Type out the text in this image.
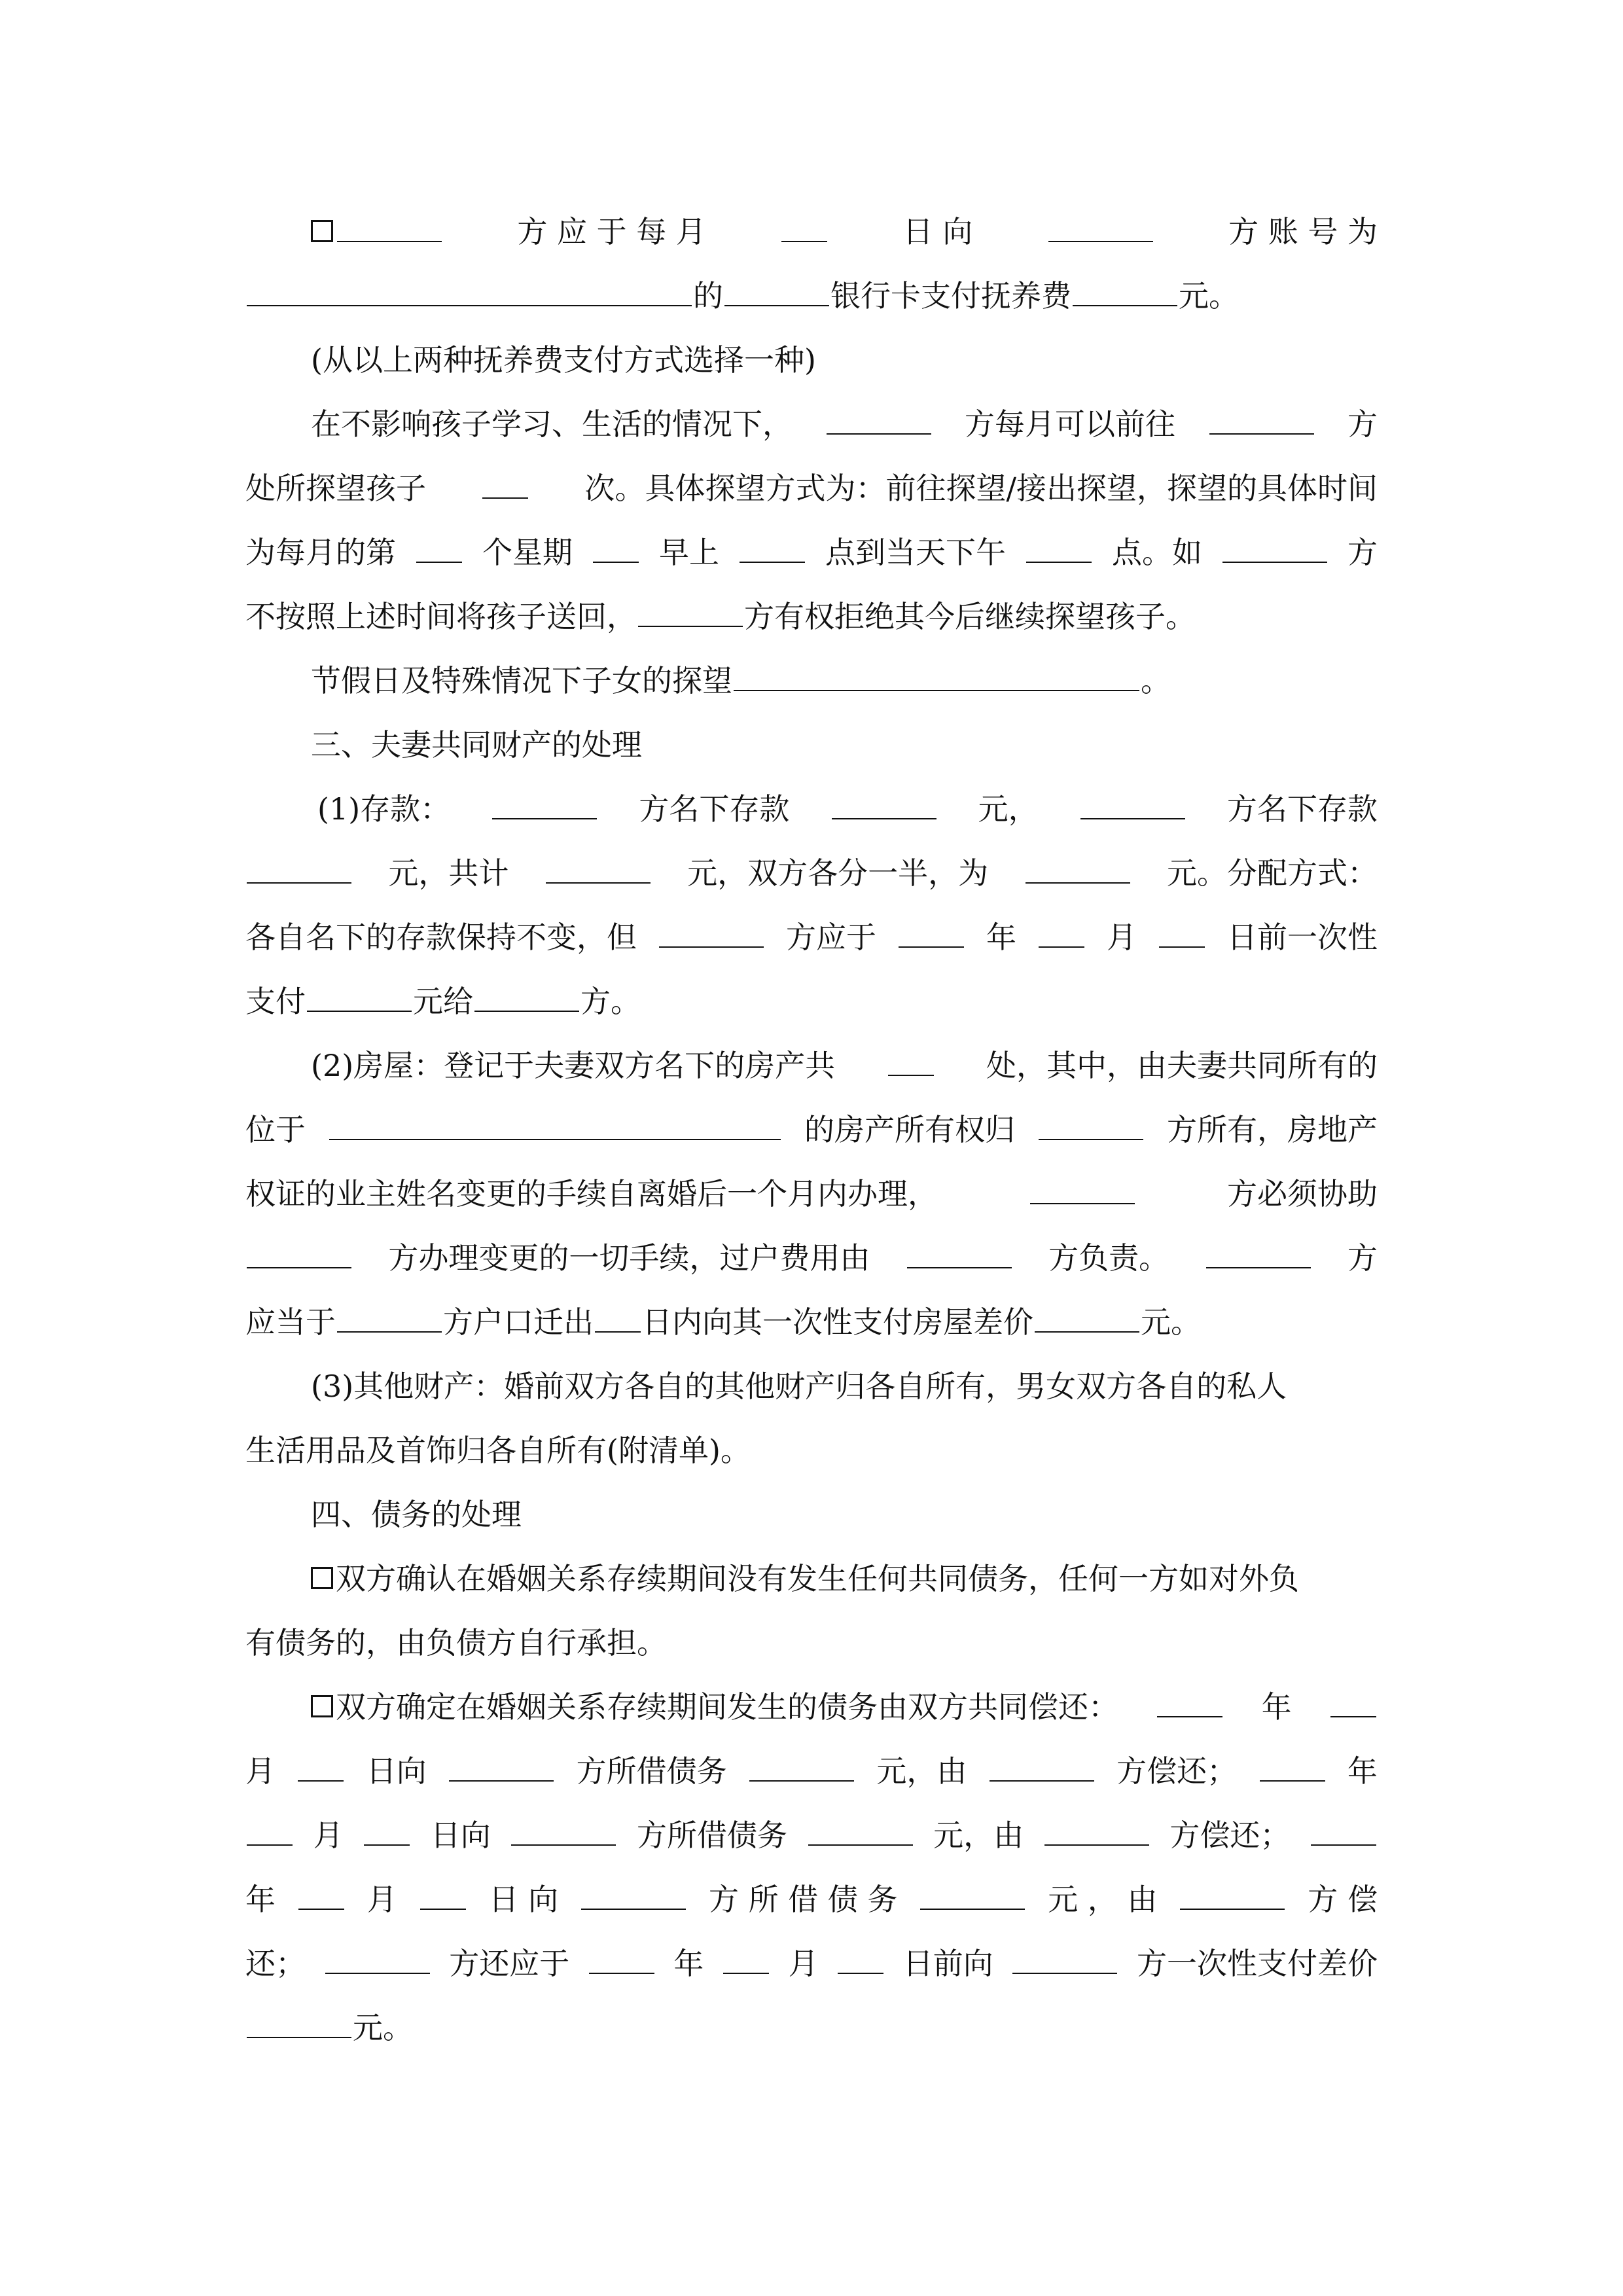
方 应 于 每 月	日 向	方 账 号 为
的	银行卡支付抚养费	元。
(从以上两种抚养费支付方式选择一种)
在不影响孩子学习、生活的情况下，	方每月可以前往	方
处所探望孩子	次。具体探望方式为：前往探望/接出探望，探望的具体时间
为每月的第	个星期	早上	点到当天下午	点。如	方
不按照上述时间将孩子送回，	方有权拒绝其今后继续探望孩子。
节假日及特殊情况下子女的探望	。
三、夫妻共同财产的处理
(1)存款：	方名下存款	元，	方名下存款
元，共计	元，双方各分一半，为	元。分配方式：
各自名下的存款保持不变，但	方应于	年	月	日前一次性
支付	元给	方。
(2)房屋：登记于夫妻双方名下的房产共	处，其中，由夫妻共同所有的
位于	的房产所有权归	方所有，房地产
权证的业主姓名变更的手续自离婚后一个月内办理，	方必须协助
方办理变更的一切手续，过户费用由	方负责。	方
应当于	方户口迁出 日内向其一次性支付房屋差价	元。
(3)其他财产：婚前双方各自的其他财产归各自所有，男女双方各自的私人
生活用品及首饰归各自所有(附清单)。
四、债务的处理
双方确认在婚姻关系存续期间没有发生任何共同债务，任何一方如对外负
有债务的，由负债方自行承担。
双方确定在婚姻关系存续期间发生的债务由双方共同偿还：	年
月	日向	方所借债务	元，由	方偿还；	年
月	日向	方所借债务	元，由	方偿还；
年	月	日 向	方 所 借 债 务	元 ， 由	方 偿
还；	方还应于	年	月	日前向	方一次性支付差价
元。
